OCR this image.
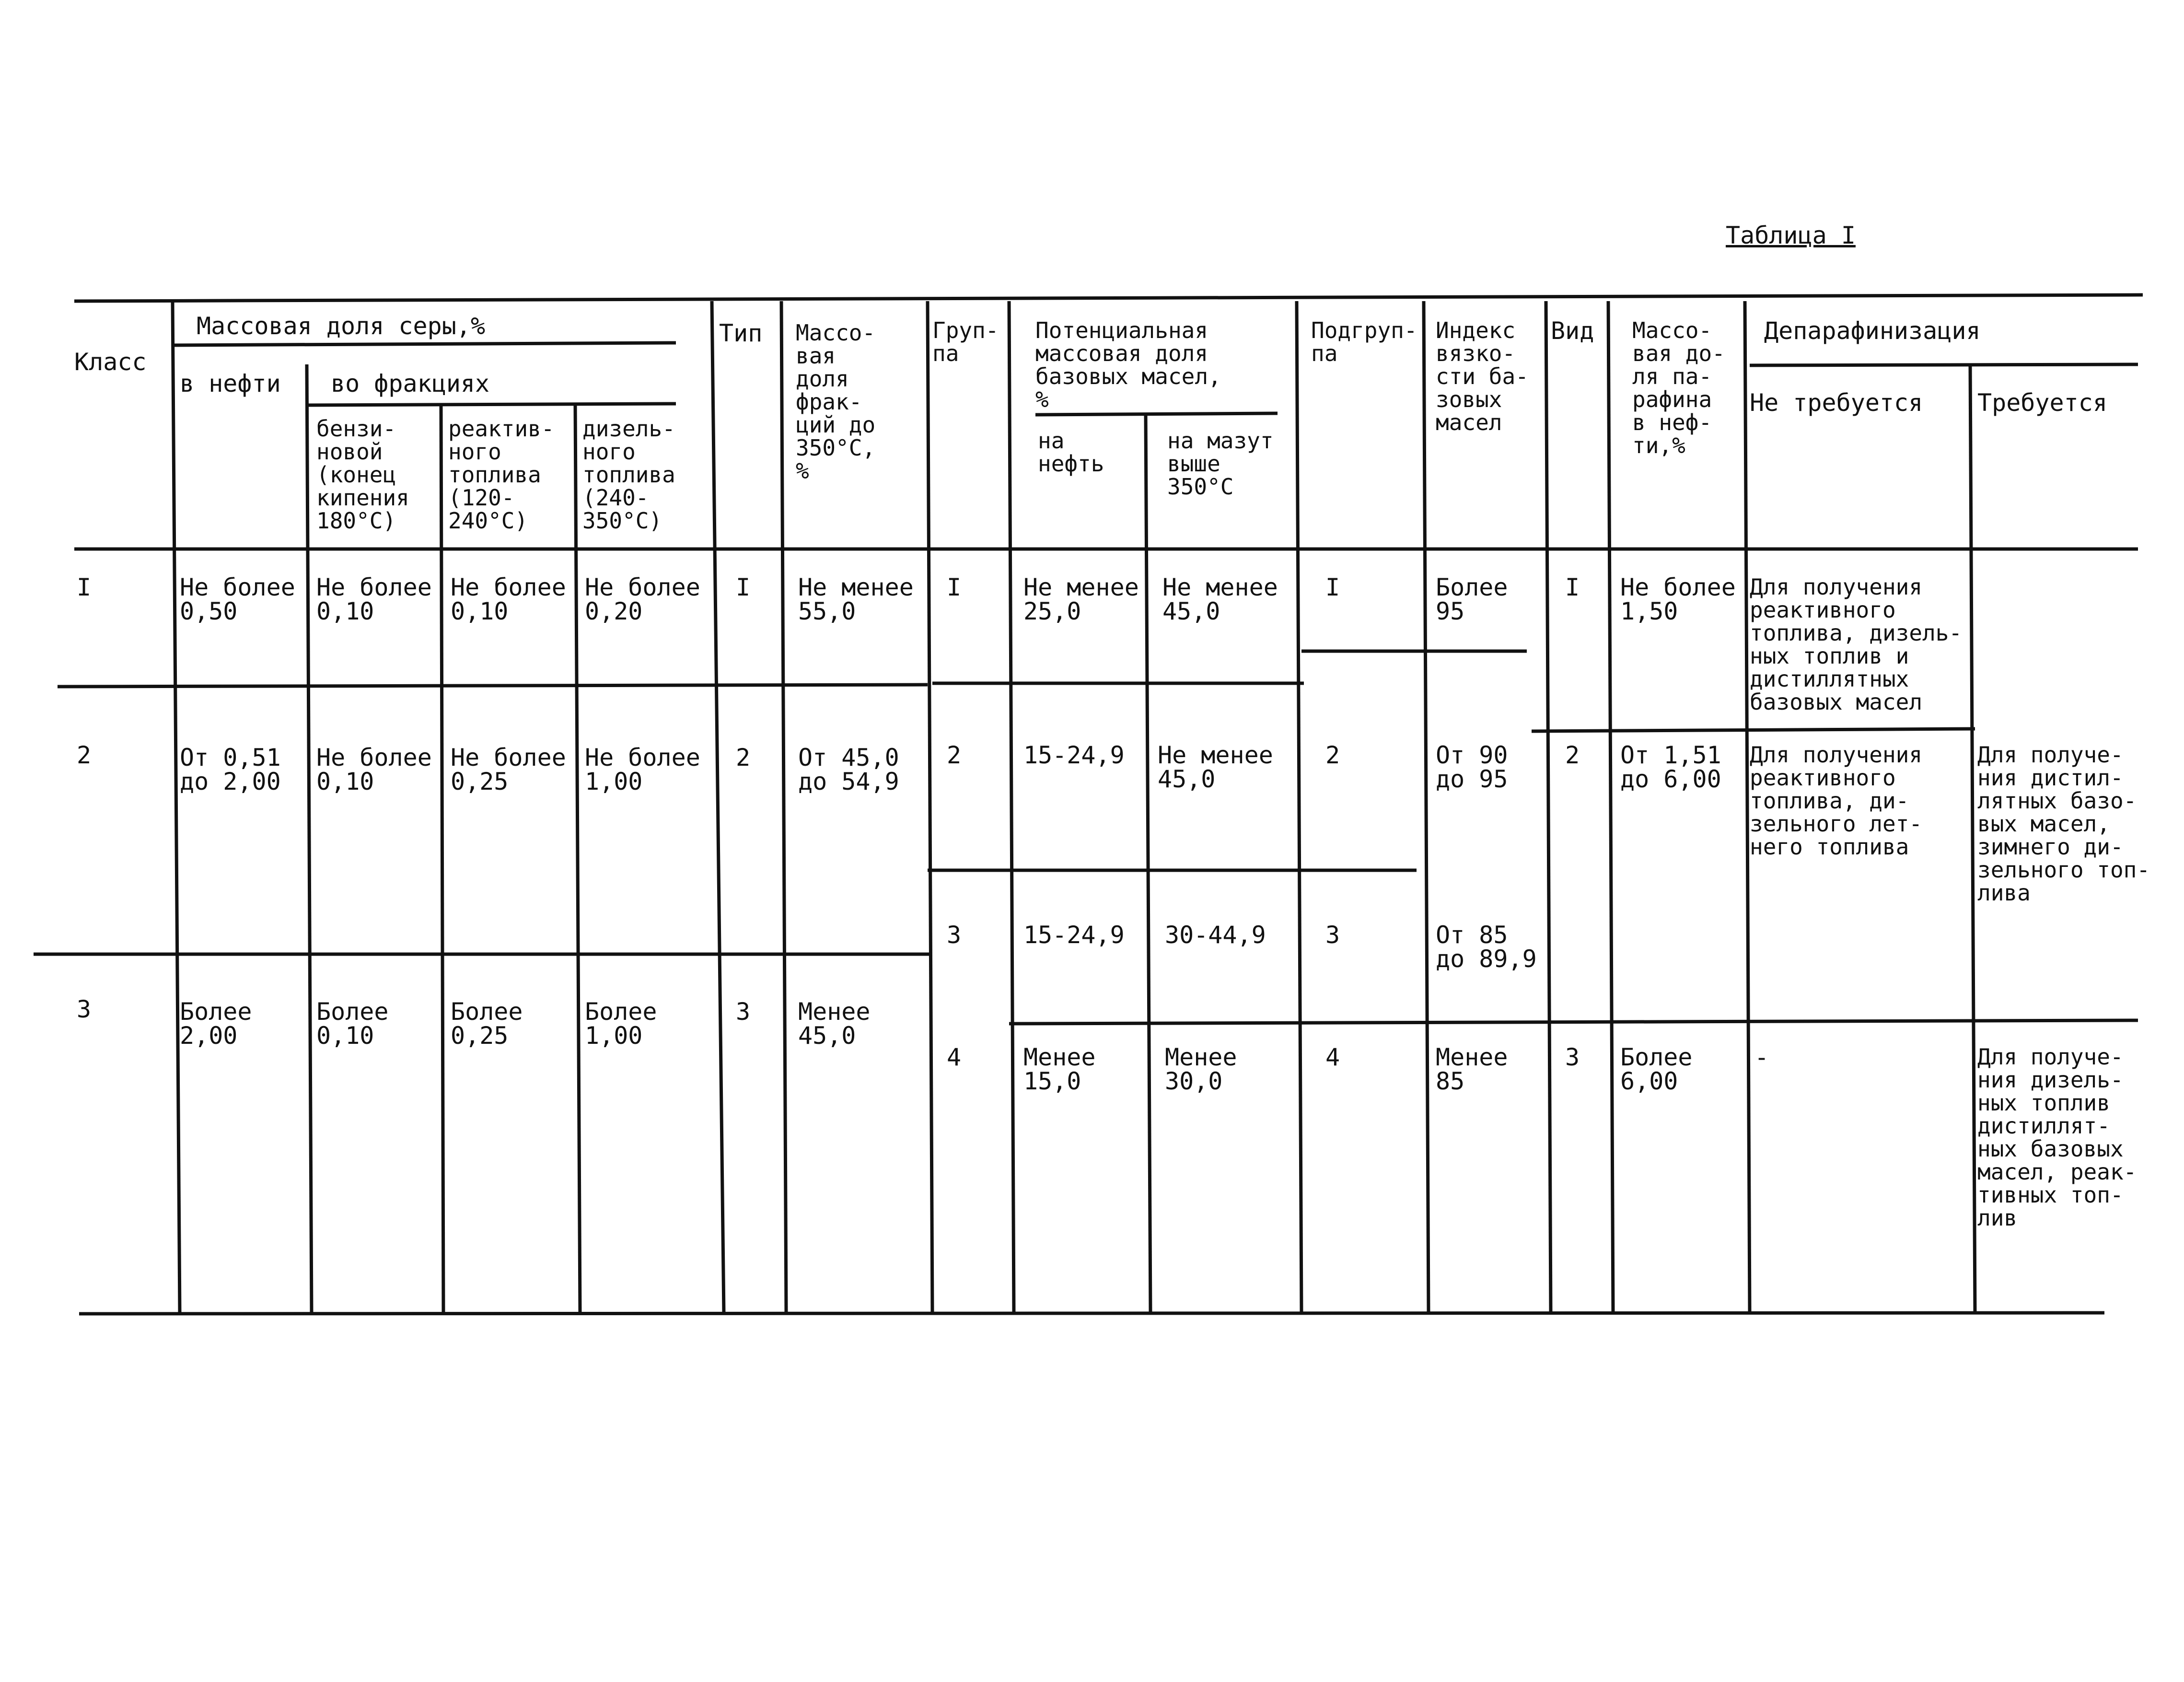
Таблица I
Класс
Массовая доля серы,%
в нефти во фракциях
бензи-
новой
(конец
кипения
180°С)
реактив-
ного
топлива
(120-
240°С)
дизель-
ного
топлива
(240-
350°С)
Тип Массо-
вая
доля
фрак-
ций до
350°С,
%
Груп-
па
Потенциальная
массовая доля
базовых масел,
%
на
нефть
на мазут
выше
350°С
Подгруп-
па
Индекс
вязко-
сти ба-
зовых
масел
Вид Массо-
вая до-
ля па-
рафина
в неф-
ти,%
Депарафинизация
Не требуется Требуется
I
2
3
Не более
0,50
От 0,51
до 2,00
Более
2,00
Не более
0,10
Не более
0,10
Более
0,10
Не более
0,10
Не более
0,25
Более
0,25
Не более
0,20
Не более
1,00
Более
1,00
I
2
3
Не менее
55,0
От 45,0
до 54,9
Менее
45,0
I
2
3
4
Не менее
25,0
15-24,9
15-24,9
Менее
15,0
Не менее
45,0
Не менее
45,0
30-44,9
Менее
30,0
I
2
3
4
Более
95
От 90
до 95
От 85
до 89,9
Менее
85
I
2
3
Не более
1,50
От 1,51
до 6,00
Более
6,00
Для получения
реактивного
топлива, дизель-
ных топлив и
дистиллятных
базовых масел
Для получения
реактивного
топлива, ди-
зельного лет-
него топлива
-
Для получе-
ния дистил-
лятных базо-
вых масел,
зимнего ди-
зельного топ-
лива
Для получе-
ния дизель-
ных топлив
дистиллят-
ных базовых
масел, реак-
тивных топ-
лив
